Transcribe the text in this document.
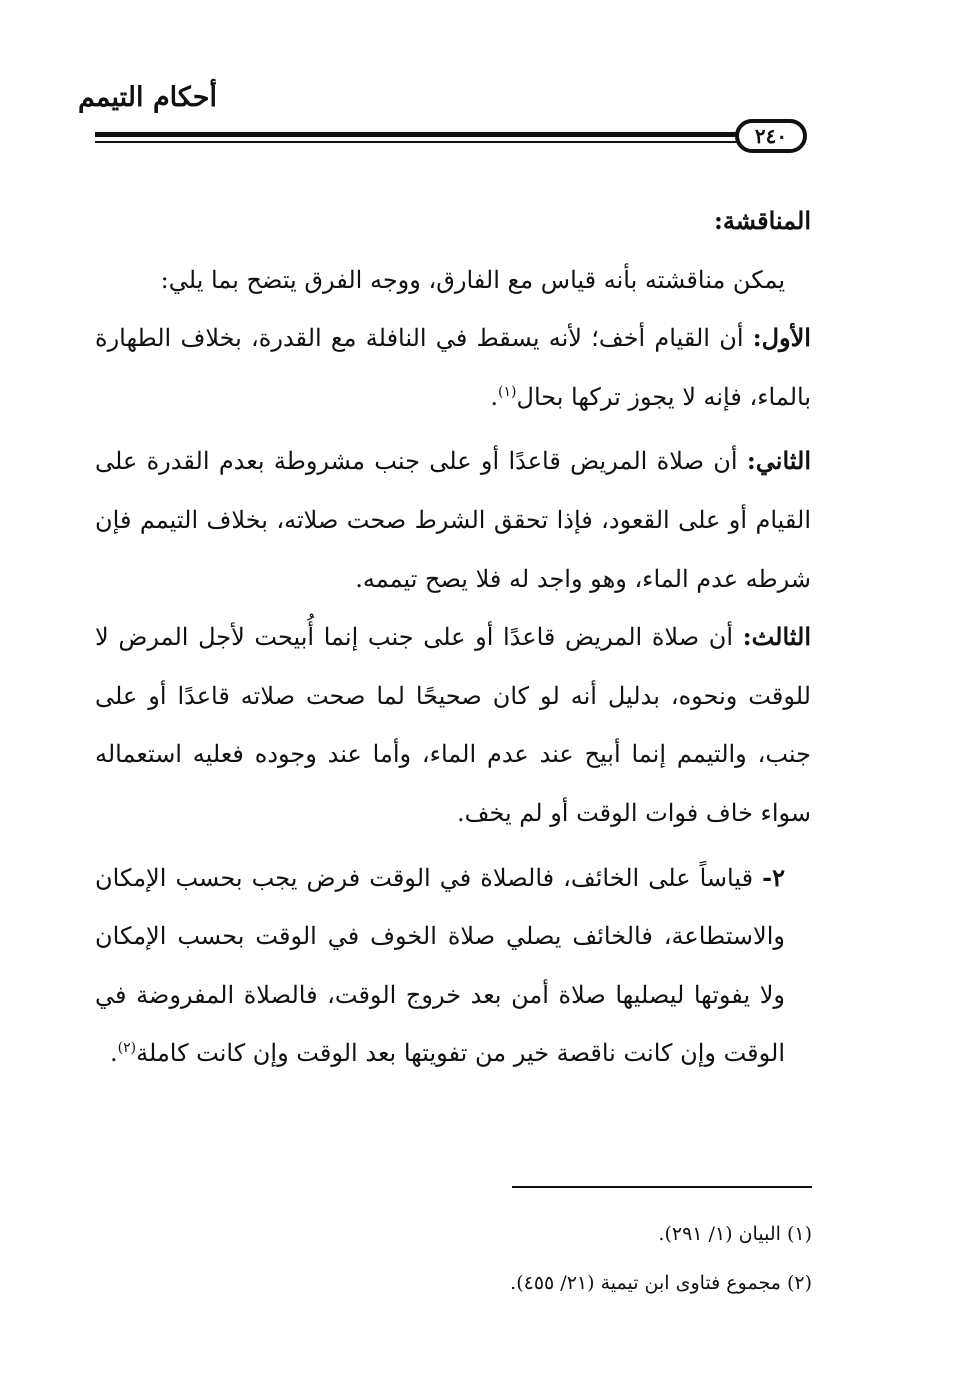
أحكام التيمم
٢٤٠

المناقشة:

يمكن مناقشته بأنه قياس مع الفارق، ووجه الفرق يتضح بما يلي:

الأول: أن القيام أخف؛ لأنه يسقط في النافلة مع القدرة، بخلاف الطهارة بالماء، فإنه لا يجوز تركها بحال$^{(١)}$.

الثاني: أن صلاة المريض قاعدًا أو على جنب مشروطة بعدم القدرة على القيام أو على القعود، فإذا تحقق الشرط صحت صلاته، بخلاف التيمم فإن شرطه عدم الماء، وهو واجد له فلا يصح تيممه.

الثالث: أن صلاة المريض قاعدًا أو على جنب إنما أُبيحت لأجل المرض لا للوقت ونحوه، بدليل أنه لو كان صحيحًا لما صحت صلاته قاعدًا أو على جنب، والتيمم إنما أبيح عند عدم الماء، وأما عند وجوده فعليه استعماله سواء خاف فوات الوقت أو لم يخف.

٢- قياساً على الخائف، فالصلاة في الوقت فرض يجب بحسب الإمكان والاستطاعة، فالخائف يصلي صلاة الخوف في الوقت بحسب الإمكان ولا يفوتها ليصليها صلاة أمن بعد خروج الوقت، فالصلاة المفروضة في الوقت وإن كانت ناقصة خير من تفويتها بعد الوقت وإن كانت كاملة$^{(٢)}$.

(١) البيان (١/ ٢٩١).

(٢) مجموع فتاوى ابن تيمية (٢١/ ٤٥٥).
